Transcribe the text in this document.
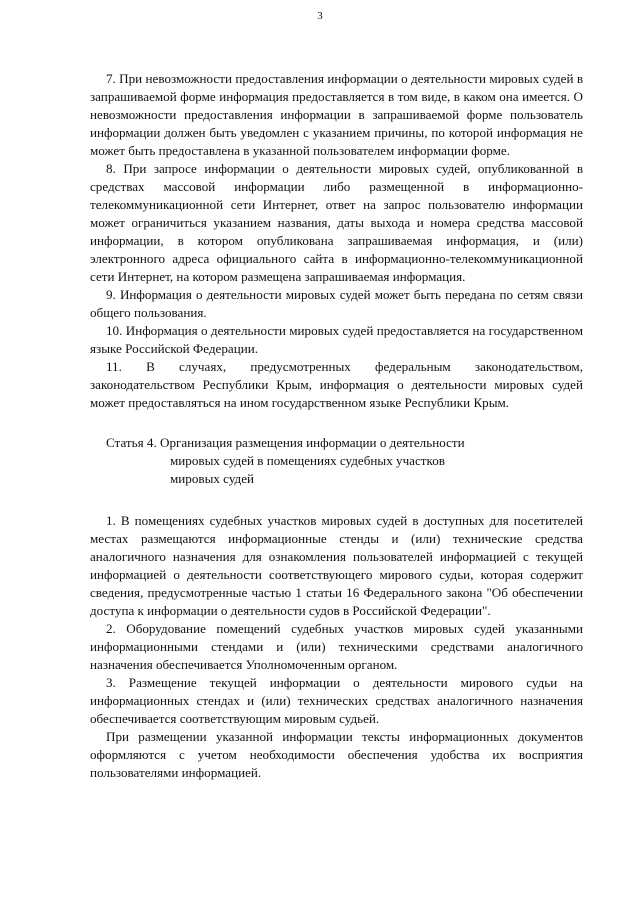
3

7. При невозможности предоставления информации о деятельности мировых судей в запрашиваемой форме информация предоставляется в том виде, в каком она имеется. О невозможности предоставления информации в запрашиваемой форме пользователь информации должен быть уведомлен с указанием причины, по которой информация не может быть предоставлена в указанной пользователем информации форме.

8. При запросе информации о деятельности мировых судей, опубликованной в средствах массовой информации либо размещенной в информационно-телекоммуникационной сети Интернет, ответ на запрос пользователю информации может ограничиться указанием названия, даты выхода и номера средства массовой информации, в котором опубликована запрашиваемая информация, и (или) электронного адреса официального сайта в информационно-телекоммуникационной сети Интернет, на котором размещена запрашиваемая информация.

9. Информация о деятельности мировых судей может быть передана по сетям связи общего пользования.

10. Информация о деятельности мировых судей предоставляется на государственном языке Российской Федерации.

11. В случаях, предусмотренных федеральным законодательством, законодательством Республики Крым, информация о деятельности мировых судей может предоставляться на ином государственном языке Республики Крым.

Статья 4. Организация размещения информации о деятельности
мировых судей в помещениях судебных участков
мировых судей

1. В помещениях судебных участков мировых судей в доступных для посетителей местах размещаются информационные стенды и (или) технические средства аналогичного назначения для ознакомления пользователей информацией с текущей информацией о деятельности соответствующего мирового судьи, которая содержит сведения, предусмотренные частью 1 статьи 16 Федерального закона "Об обеспечении доступа к информации о деятельности судов в Российской Федерации".

2. Оборудование помещений судебных участков мировых судей указанными информационными стендами и (или) техническими средствами аналогичного назначения обеспечивается Уполномоченным органом.

3. Размещение текущей информации о деятельности мирового судьи на информационных стендах и (или) технических средствах аналогичного назначения обеспечивается соответствующим мировым судьей.

При размещении указанной информации тексты информационных документов оформляются с учетом необходимости обеспечения удобства их восприятия пользователями информацией.
